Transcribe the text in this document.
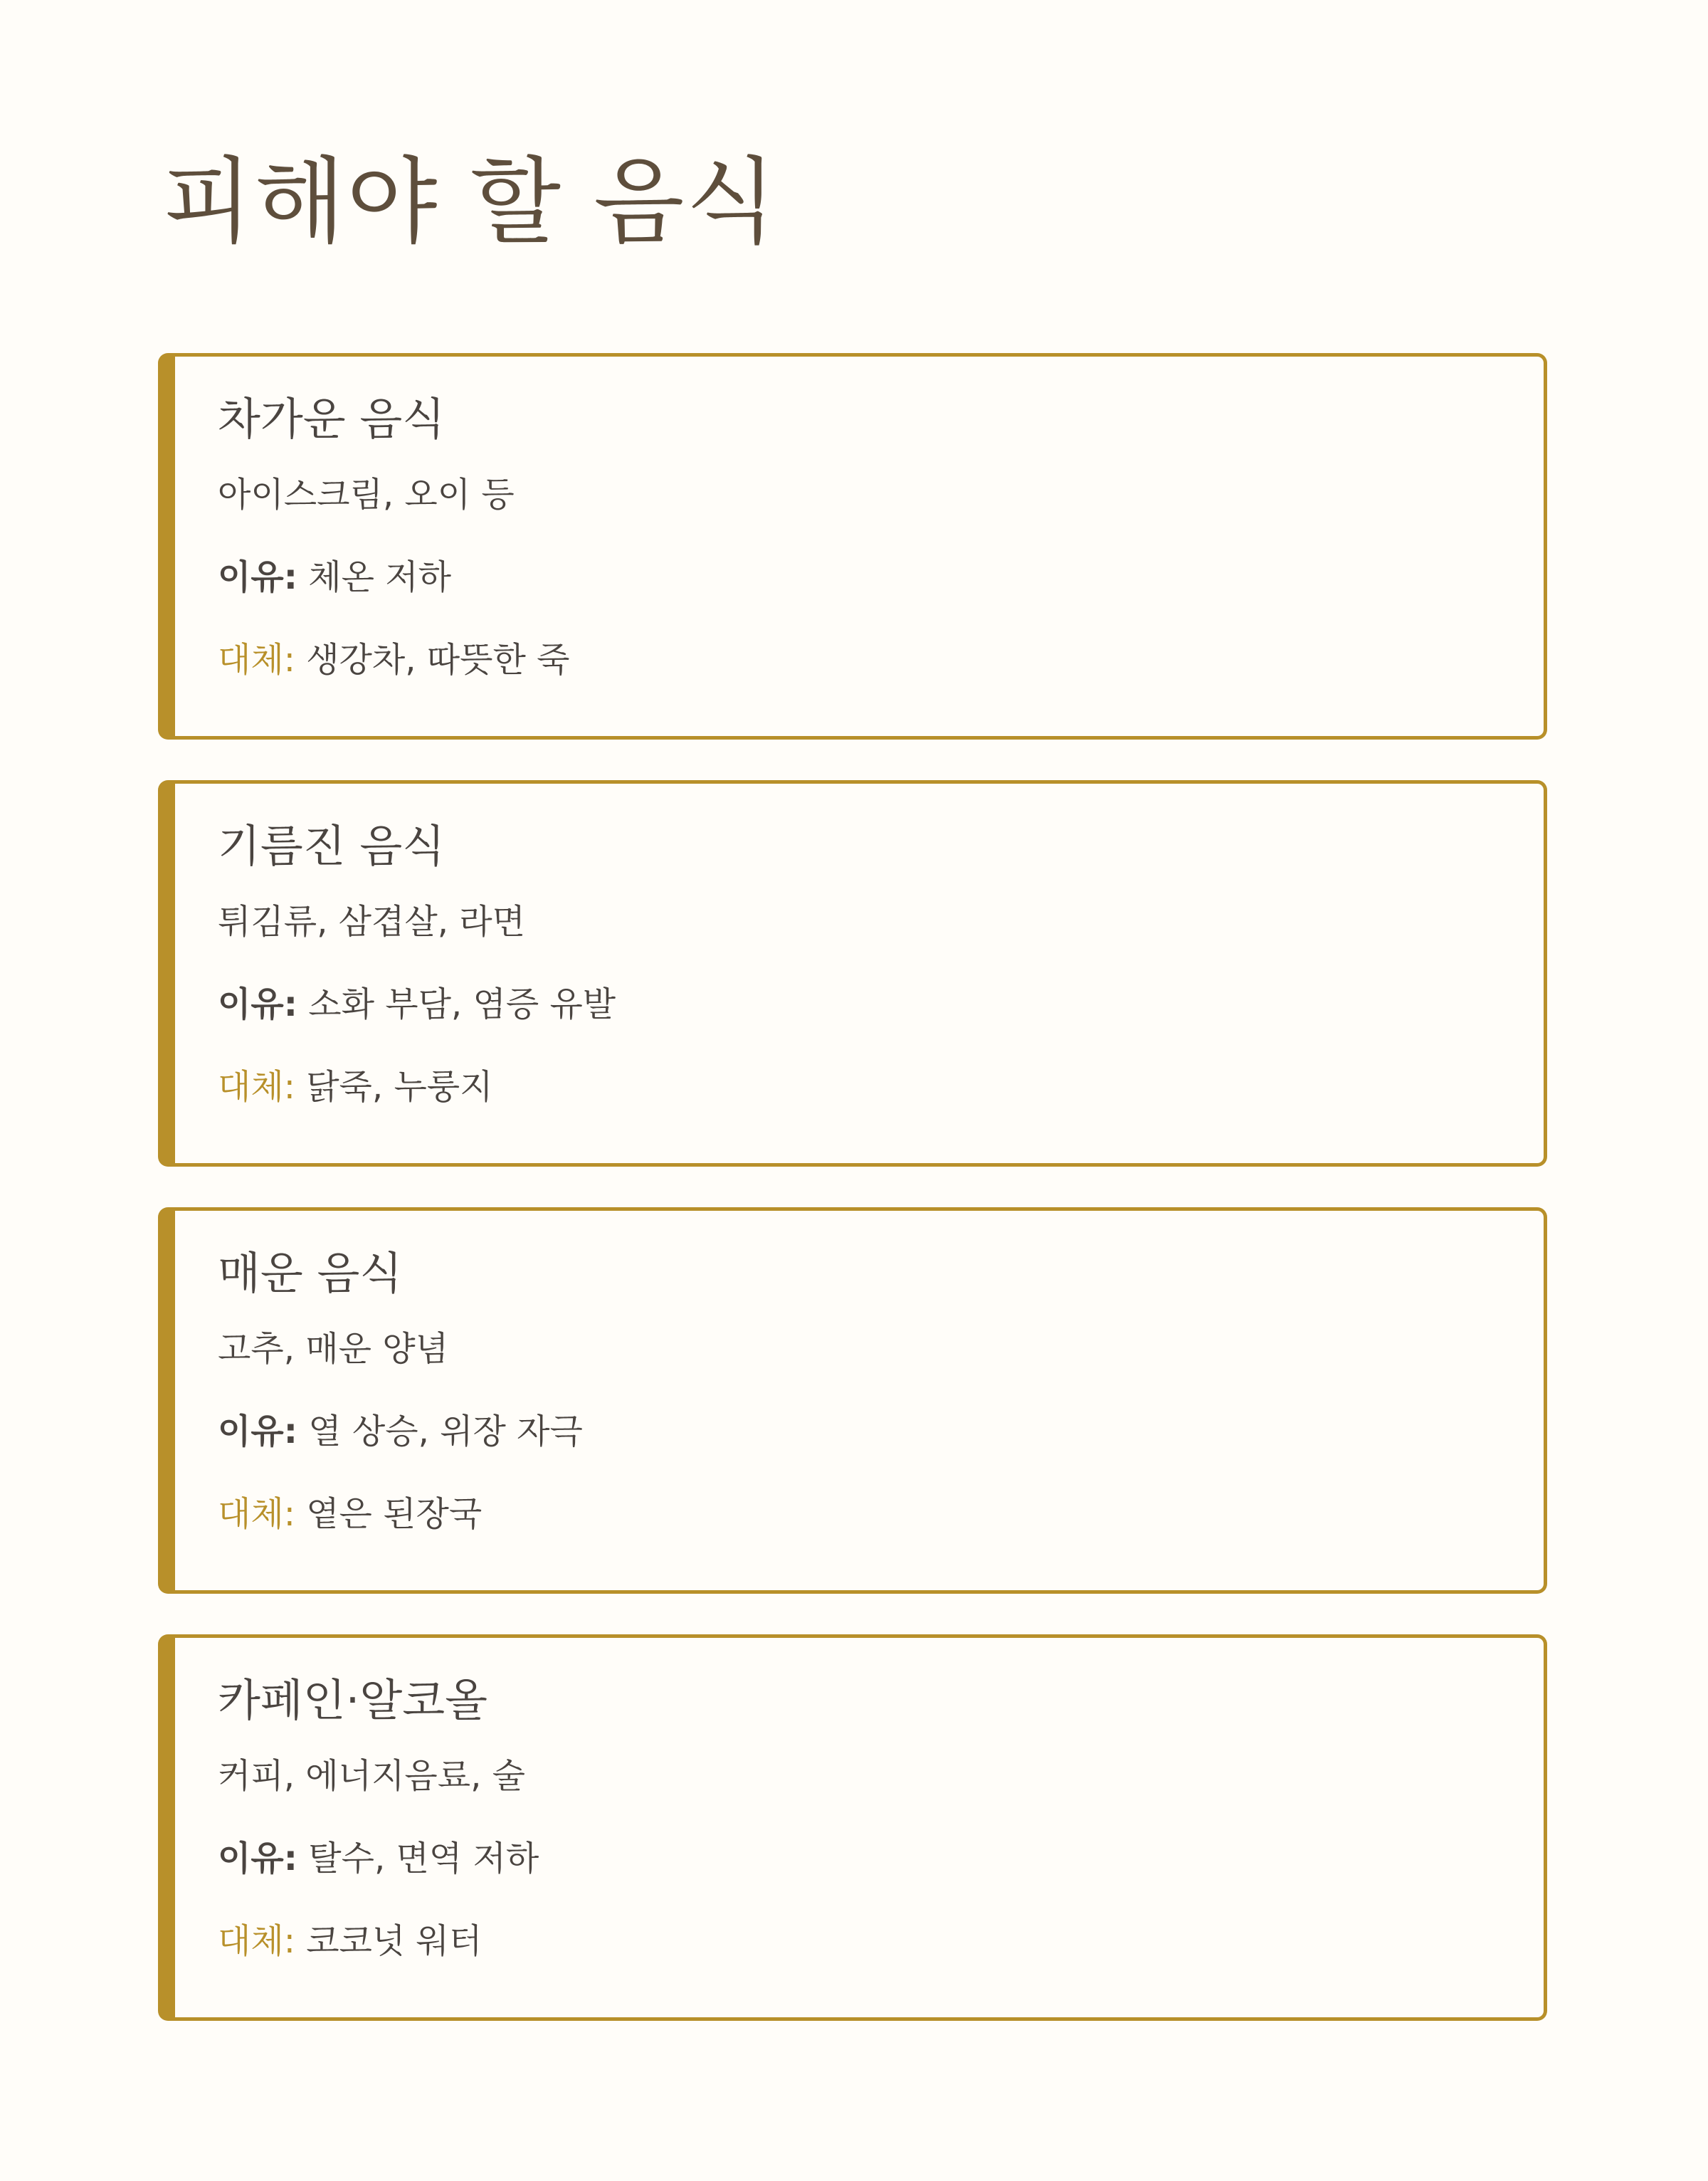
피해야 할 음식
차가운 음식

아이스크림, 오이 등

이유: 체온 저하

대체: 생강차, 따뜻한 죽

기름진 음식

튀김류, 삼겹살, 라면

이유: 소화 부담, 염증 유발

대체: 닭죽, 누룽지

매운 음식

고추, 매운 양념

이유: 열 상승, 위장 자극

대체: 옅은 된장국

카페인·알코올

커피, 에너지음료, 술

이유: 탈수, 면역 저하

대체: 코코넛 워터
